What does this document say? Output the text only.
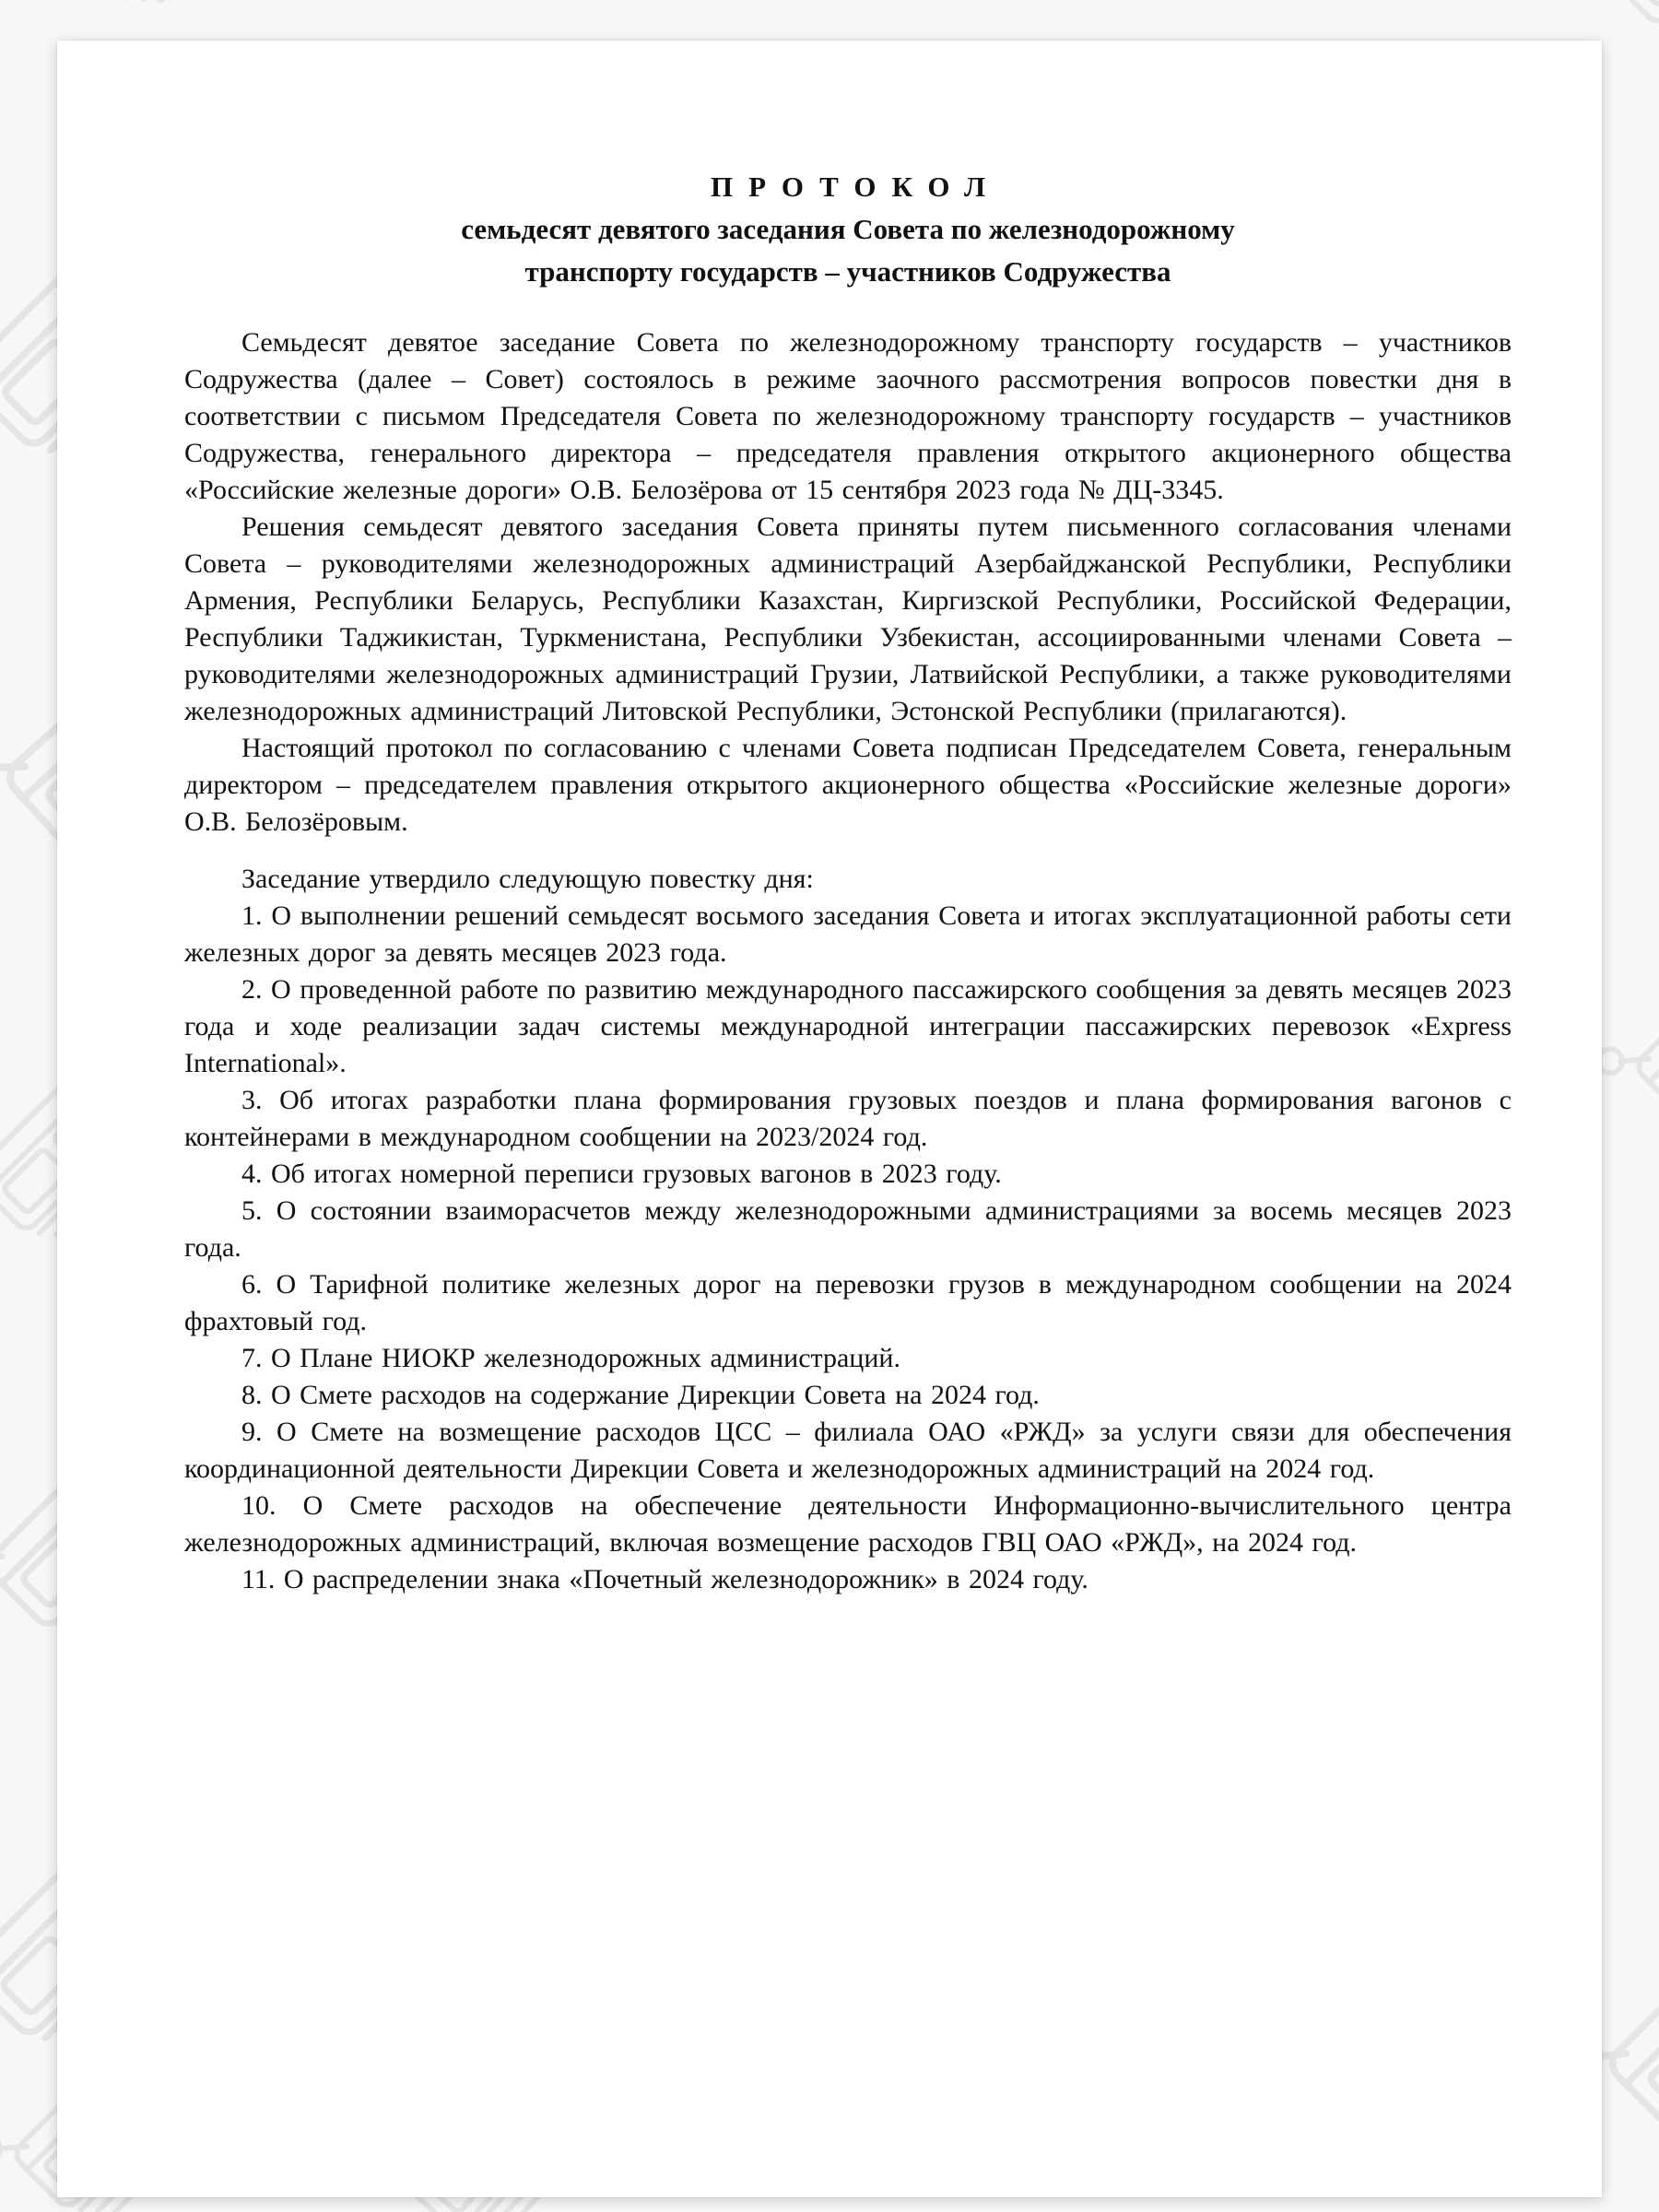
ПРОТОКОЛ
семьдесят девятого заседания Совета по железнодорожному
транспорту государств – участников Содружества

Семьдесят девятое заседание Совета по железнодорожному транспорту государств – участников Содружества (далее – Совет) состоялось в режиме заочного рассмотрения вопросов повестки дня в соответствии с письмом Председателя Совета по железнодорожному транспорту государств – участников Содружества, генерального директора – председателя правления открытого акционерного общества «Российские железные дороги» О.В. Белозёрова от 15 сентября 2023 года № ДЦ-3345.

Решения семьдесят девятого заседания Совета приняты путем письменного согласования членами Совета – руководителями железнодорожных администраций Азербайджанской Республики, Республики Армения, Республики Беларусь, Республики Казахстан, Киргизской Республики, Российской Федерации, Республики Таджикистан, Туркменистана, Республики Узбекистан, ассоциированными членами Совета – руководителями железнодорожных администраций Грузии, Латвийской Республики, а также руководителями железнодорожных администраций Литовской Республики, Эстонской Республики (прилагаются).

Настоящий протокол по согласованию с членами Совета подписан Председателем Совета, генеральным директором – председателем правления открытого акционерного общества «Российские железные дороги» О.В. Белозёровым.

Заседание утвердило следующую повестку дня:

1. О выполнении решений семьдесят восьмого заседания Совета и итогах эксплуатационной работы сети железных дорог за девять месяцев 2023 года.

2. О проведенной работе по развитию международного пассажирского сообщения за девять месяцев 2023 года и ходе реализации задач системы международной интеграции пассажирских перевозок «Express International».

3. Об итогах разработки плана формирования грузовых поездов и плана формирования вагонов с контейнерами в международном сообщении на 2023/2024 год.

4. Об итогах номерной переписи грузовых вагонов в 2023 году.

5. О состоянии взаиморасчетов между железнодорожными администрациями за восемь месяцев 2023 года.

6. О Тарифной политике железных дорог на перевозки грузов в международном сообщении на 2024 фрахтовый год.

7. О Плане НИОКР железнодорожных администраций.

8. О Смете расходов на содержание Дирекции Совета на 2024 год.

9. О Смете на возмещение расходов ЦСС – филиала ОАО «РЖД» за услуги связи для обеспечения координационной деятельности Дирекции Совета и железнодорожных администраций на 2024 год.

10. О Смете расходов на обеспечение деятельности Информационно-вычислительного центра железнодорожных администраций, включая возмещение расходов ГВЦ ОАО «РЖД», на 2024 год.

11. О распределении знака «Почетный железнодорожник» в 2024 году.
